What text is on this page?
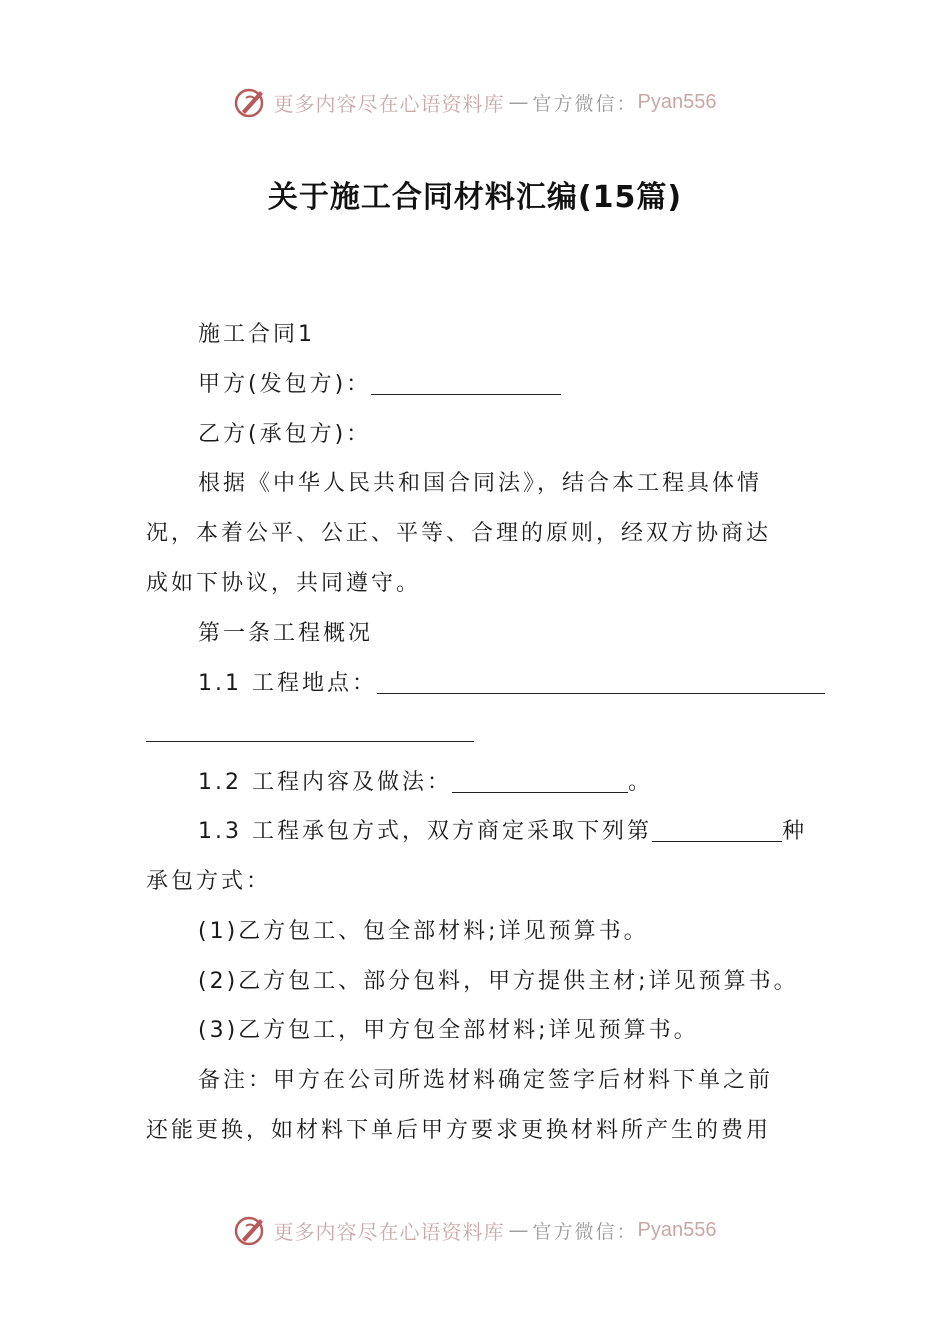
更多内容尽在心语资料库 — 官方微信： Pyan556
关于施工合同材料汇编(15篇)
施工合同1
甲方(发包方)：
乙方(承包方)：
根据《中华人民共和国合同法》，结合本工程具体情
况，本着公平、公正、平等、合理的原则，经双方协商达
成如下协议，共同遵守。
第一条工程概况
1.1 工程地点：
1.2 工程内容及做法：	。
1.3 工程承包方式，双方商定采取下列第	种
承包方式：
(1)乙方包工、包全部材料;详见预算书。
(2)乙方包工、部分包料，甲方提供主材;详见预算书。
(3)乙方包工，甲方包全部材料;详见预算书。
备注：甲方在公司所选材料确定签字后材料下单之前
还能更换，如材料下单后甲方要求更换材料所产生的费用
更多内容尽在心语资料库 — 官方微信： Pyan556
